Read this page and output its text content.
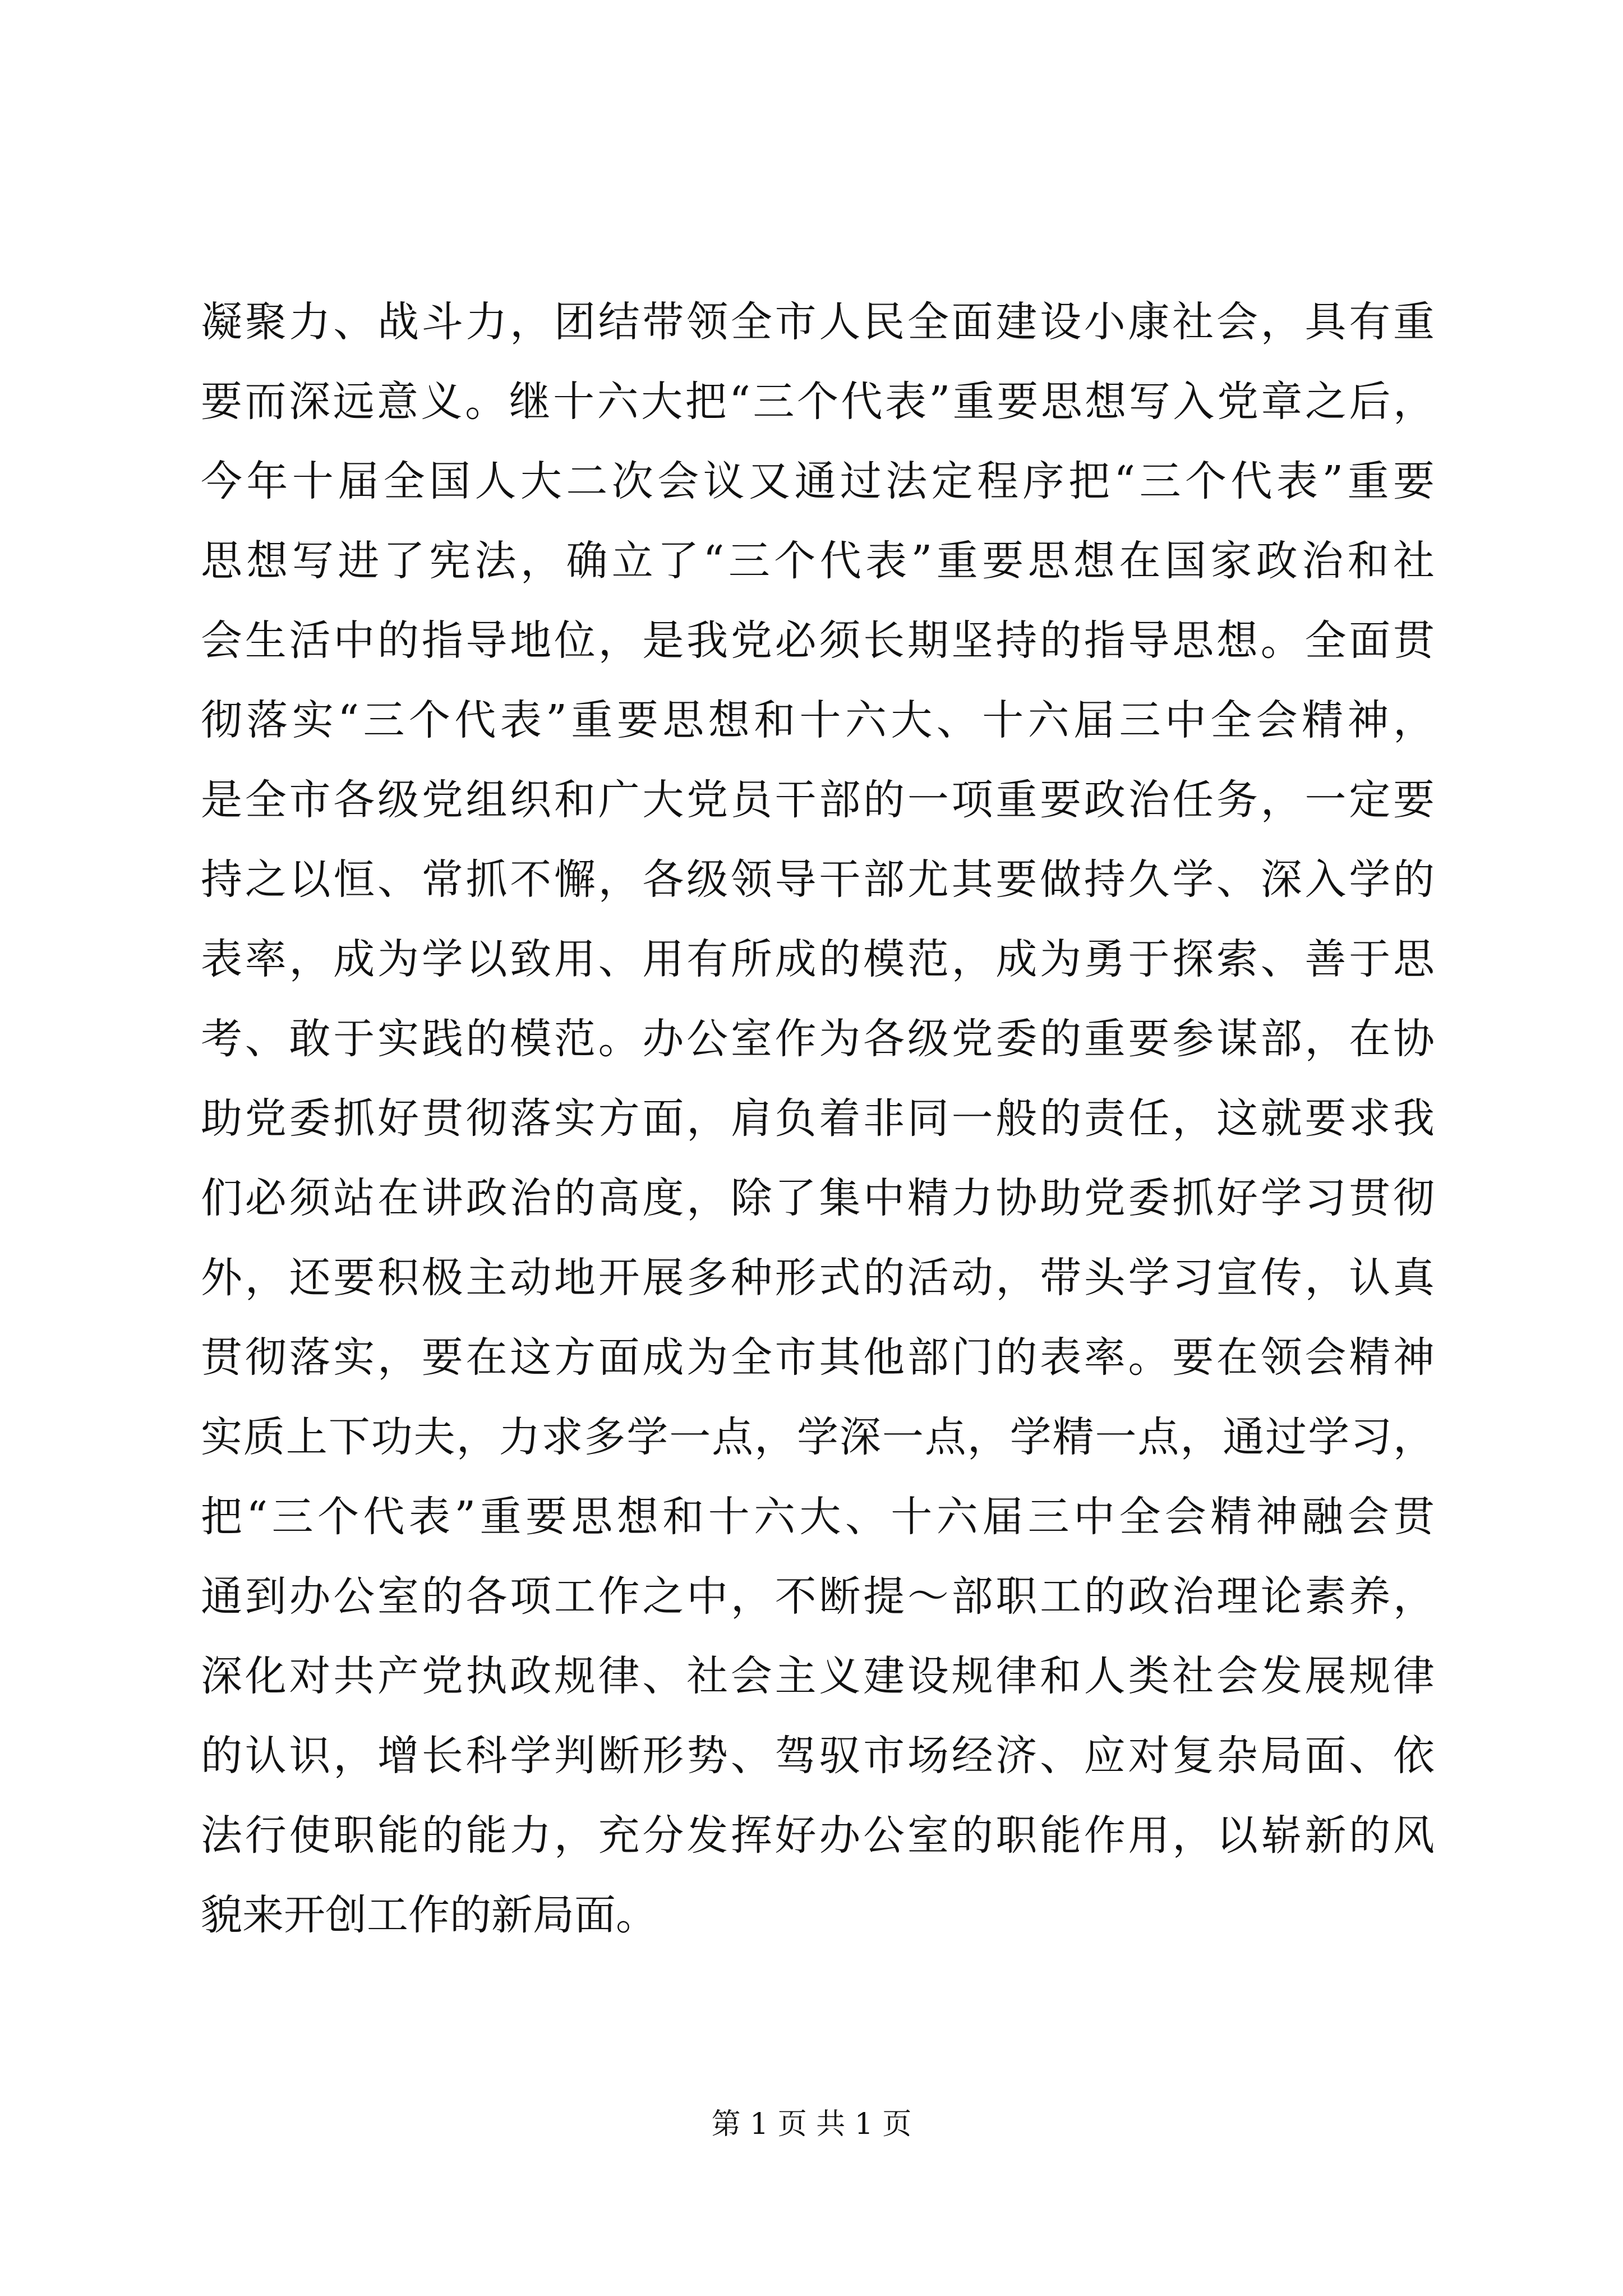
凝聚力、战斗力，团结带领全市人民全面建设小康社会，具有重
要而深远意义。继十六大把“三个代表”重要思想写入党章之后，
今年十届全国人大二次会议又通过法定程序把“三个代表”重要
思想写进了宪法，确立了“三个代表”重要思想在国家政治和社
会生活中的指导地位，是我党必须长期坚持的指导思想。全面贯
彻落实“三个代表”重要思想和十六大、十六届三中全会精神，
是全市各级党组织和广大党员干部的一项重要政治任务，一定要
持之以恒、常抓不懈，各级领导干部尤其要做持久学、深入学的
表率，成为学以致用、用有所成的模范，成为勇于探索、善于思
考、敢于实践的模范。办公室作为各级党委的重要参谋部，在协
助党委抓好贯彻落实方面，肩负着非同一般的责任，这就要求我
们必须站在讲政治的高度，除了集中精力协助党委抓好学习贯彻
外，还要积极主动地开展多种形式的活动，带头学习宣传，认真
贯彻落实，要在这方面成为全市其他部门的表率。要在领会精神
实质上下功夫，力求多学一点，学深一点，学精一点，通过学习，
把“三个代表”重要思想和十六大、十六届三中全会精神融会贯
通到办公室的各项工作之中，不断提～部职工的政治理论素养，
深化对共产党执政规律、社会主义建设规律和人类社会发展规律
的认识，增长科学判断形势、驾驭市场经济、应对复杂局面、依
法行使职能的能力，充分发挥好办公室的职能作用，以崭新的风
貌来开创工作的新局面。
第 1 页 共 1 页
